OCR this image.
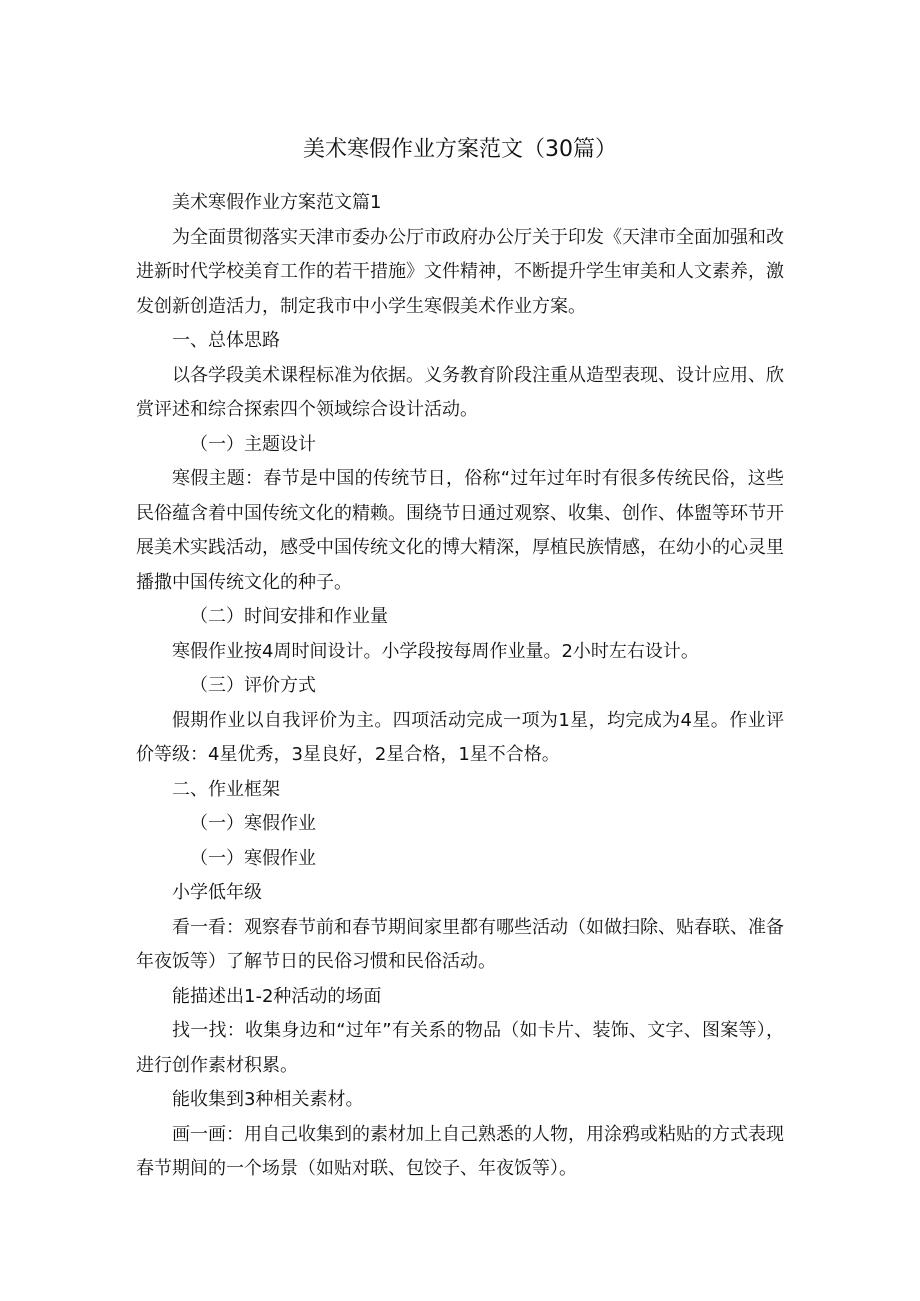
美术寒假作业方案范文（30篇）

美术寒假作业方案范文篇1

为全面贯彻落实天津市委办公厅市政府办公厅关于印发《天津市全面加强和改进新时代学校美育工作的若干措施》文件精神，不断提升学生审美和人文素养，激发创新创造活力，制定我市中小学生寒假美术作业方案。

一、总体思路

以各学段美术课程标准为依据。义务教育阶段注重从造型表现、设计应用、欣赏评述和综合探索四个领域综合设计活动。

（一）主题设计

寒假主题：春节是中国的传统节日，俗称“过年过年时有很多传统民俗，这些民俗蕴含着中国传统文化的精赖。围绕节日通过观察、收集、创作、体盥等环节开展美术实践活动，感受中国传统文化的博大精深，厚植民族情感，在幼小的心灵里播撒中国传统文化的种子。

（二）时间安排和作业量

寒假作业按4周时间设计。小学段按每周作业量。2小时左右设计。

（三）评价方式

假期作业以自我评价为主。四项活动完成一项为1星，均完成为4星。作业评价等级：4星优秀，3星良好，2星合格，1星不合格。

二、作业框架

（一）寒假作业

（一）寒假作业

小学低年级

看一看：观察春节前和春节期间家里都有哪些活动（如做扫除、贴春联、准备年夜饭等）了解节日的民俗习惯和民俗活动。

能描述出1-2种活动的场面

找一找：收集身边和“过年”有关系的物品（如卡片、装饰、文字、图案等），进行创作素材积累。

能收集到3种相关素材。

画一画：用自己收集到的素材加上自己熟悉的人物，用涂鸦或粘贴的方式表现春节期间的一个场景（如贴对联、包饺子、年夜饭等）。
